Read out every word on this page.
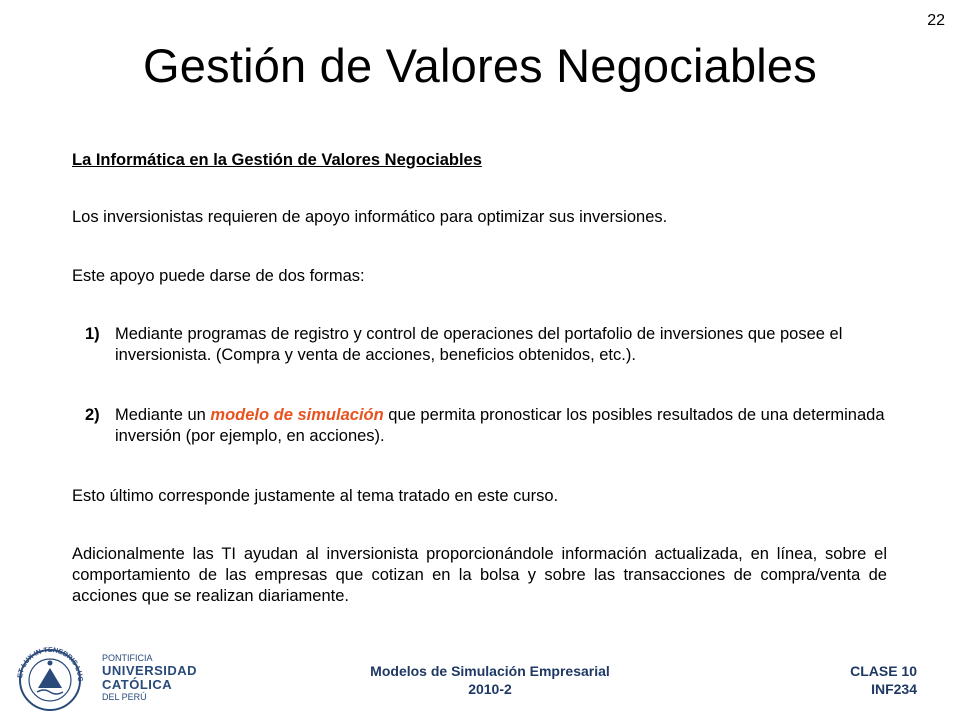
22
Gestión de Valores Negociables
La Informática en la Gestión de Valores Negociables
Los inversionistas requieren de apoyo informático para optimizar sus inversiones.
Este apoyo puede darse de dos formas:
1) Mediante programas de registro y control de operaciones del portafolio de inversiones que posee el inversionista. (Compra y venta de acciones, beneficios obtenidos, etc.).
2) Mediante un modelo de simulación que permita pronosticar los posibles resultados de una determinada inversión (por ejemplo, en acciones).
Esto último corresponde justamente al tema tratado en este curso.
Adicionalmente las TI ayudan al inversionista proporcionándole información actualizada, en línea, sobre el comportamiento de las empresas que cotizan en la bolsa y sobre las transacciones de compra/venta de acciones que se realizan diariamente.
ET LUX IN TENEBRIS LUC
PONTIFICIA
UNIVERSIDAD
CATÓLICA
DEL PERÚ
Modelos de Simulación Empresarial
2010-2
CLASE 10
INF234
